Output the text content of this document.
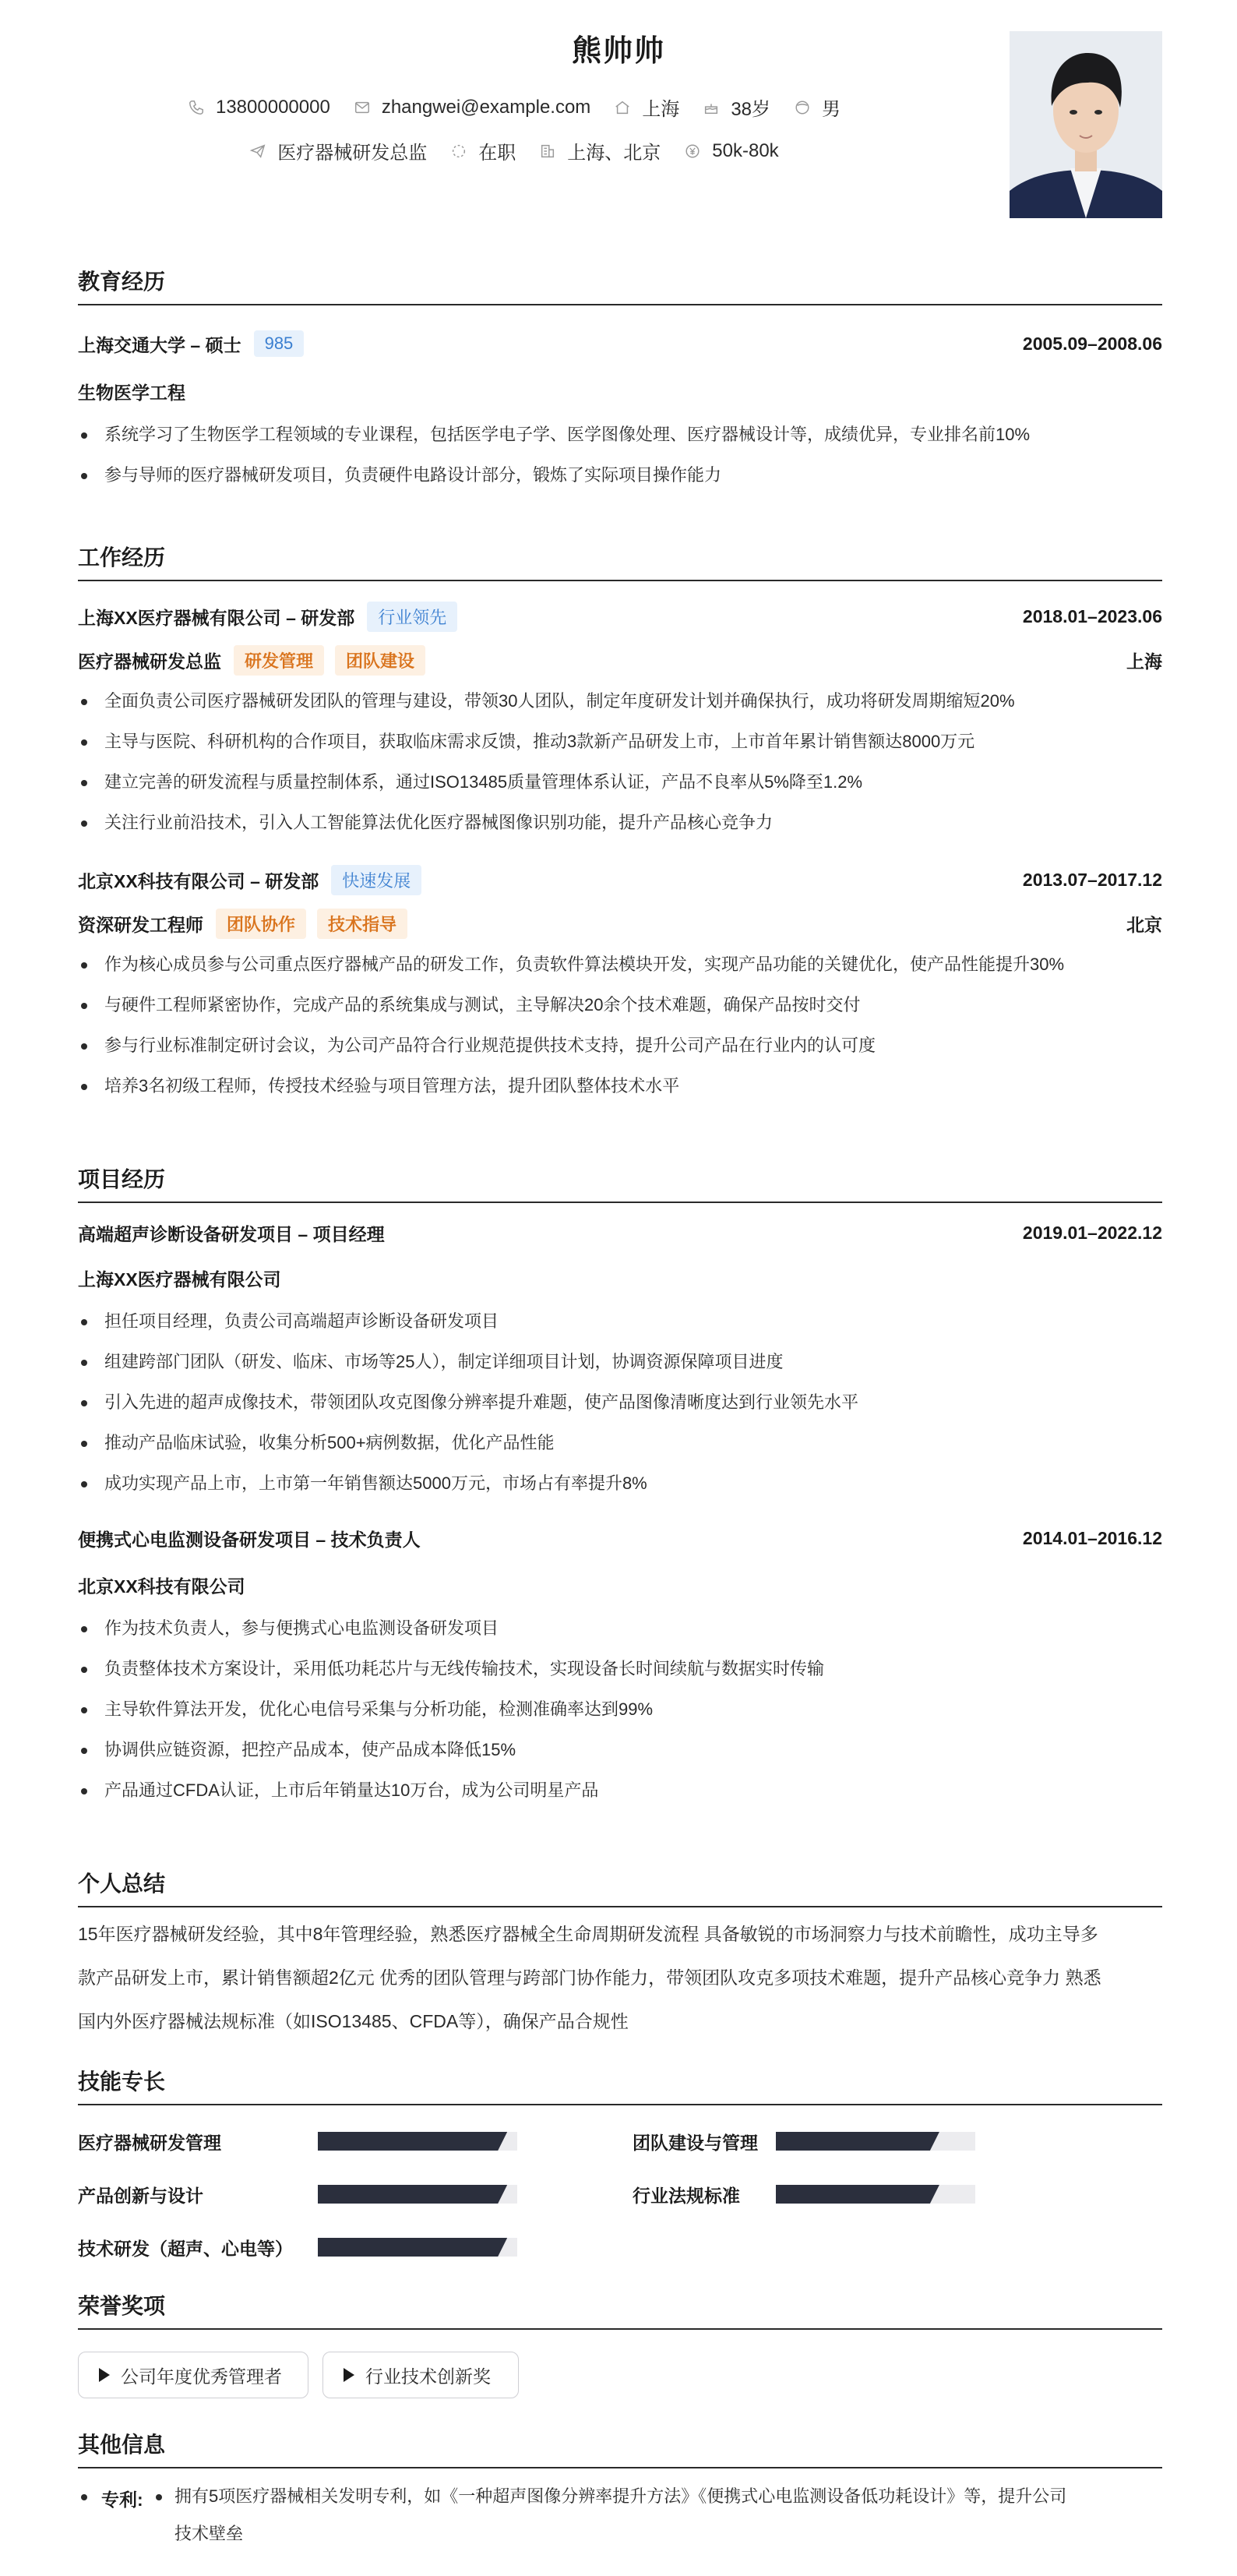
熊帅帅
13800000000	zhangwei@example.com	上海	38岁	男
医疗器械研发总监	在职	上海、北京	50k-80k
教育经历
上海交通大学 – 硕士	985	2005.09–2008.06
生物医学工程
系统学习了生物医学工程领域的专业课程，包括医学电子学、医学图像处理、医疗器械设计等，成绩优异，专业排名前10%
参与导师的医疗器械研发项目，负责硬件电路设计部分，锻炼了实际项目操作能力
工作经历
上海XX医疗器械有限公司 – 研发部	行业领先	2018.01–2023.06
医疗器械研发总监	研发管理	团队建设	上海
全面负责公司医疗器械研发团队的管理与建设，带领30人团队，制定年度研发计划并确保执行，成功将研发周期缩短20%
主导与医院、科研机构的合作项目，获取临床需求反馈，推动3款新产品研发上市，上市首年累计销售额达8000万元
建立完善的研发流程与质量控制体系，通过ISO13485质量管理体系认证，产品不良率从5%降至1.2%
关注行业前沿技术，引入人工智能算法优化医疗器械图像识别功能，提升产品核心竞争力
北京XX科技有限公司 – 研发部	快速发展	2013.07–2017.12
资深研发工程师	团队协作	技术指导	北京
作为核心成员参与公司重点医疗器械产品的研发工作，负责软件算法模块开发，实现产品功能的关键优化，使产品性能提升30%
与硬件工程师紧密协作，完成产品的系统集成与测试，主导解决20余个技术难题，确保产品按时交付
参与行业标准制定研讨会议，为公司产品符合行业规范提供技术支持，提升公司产品在行业内的认可度
培养3名初级工程师，传授技术经验与项目管理方法，提升团队整体技术水平
项目经历
高端超声诊断设备研发项目 – 项目经理	2019.01–2022.12
上海XX医疗器械有限公司
担任项目经理，负责公司高端超声诊断设备研发项目
组建跨部门团队（研发、临床、市场等25人），制定详细项目计划，协调资源保障项目进度
引入先进的超声成像技术，带领团队攻克图像分辨率提升难题，使产品图像清晰度达到行业领先水平
推动产品临床试验，收集分析500+病例数据，优化产品性能
成功实现产品上市，上市第一年销售额达5000万元，市场占有率提升8%
便携式心电监测设备研发项目 – 技术负责人	2014.01–2016.12
北京XX科技有限公司
作为技术负责人，参与便携式心电监测设备研发项目
负责整体技术方案设计，采用低功耗芯片与无线传输技术，实现设备长时间续航与数据实时传输
主导软件算法开发，优化心电信号采集与分析功能，检测准确率达到99%
协调供应链资源，把控产品成本，使产品成本降低15%
产品通过CFDA认证，上市后年销量达10万台，成为公司明星产品
个人总结
15年医疗器械研发经验，其中8年管理经验，熟悉医疗器械全生命周期研发流程 具备敏锐的市场洞察力与技术前瞻性，成功主导多
款产品研发上市，累计销售额超2亿元 优秀的团队管理与跨部门协作能力，带领团队攻克多项技术难题，提升产品核心竞争力 熟悉
国内外医疗器械法规标准（如ISO13485、CFDA等），确保产品合规性
技能专长
医疗器械研发管理	团队建设与管理
产品创新与设计	行业法规标准
技术研发（超声、心电等）
荣誉奖项
公司年度优秀管理者	行业技术创新奖
其他信息
专利: 拥有5项医疗器械相关发明专利，如《一种超声图像分辨率提升方法》《便携式心电监测设备低功耗设计》等，提升公司
技术壁垒
